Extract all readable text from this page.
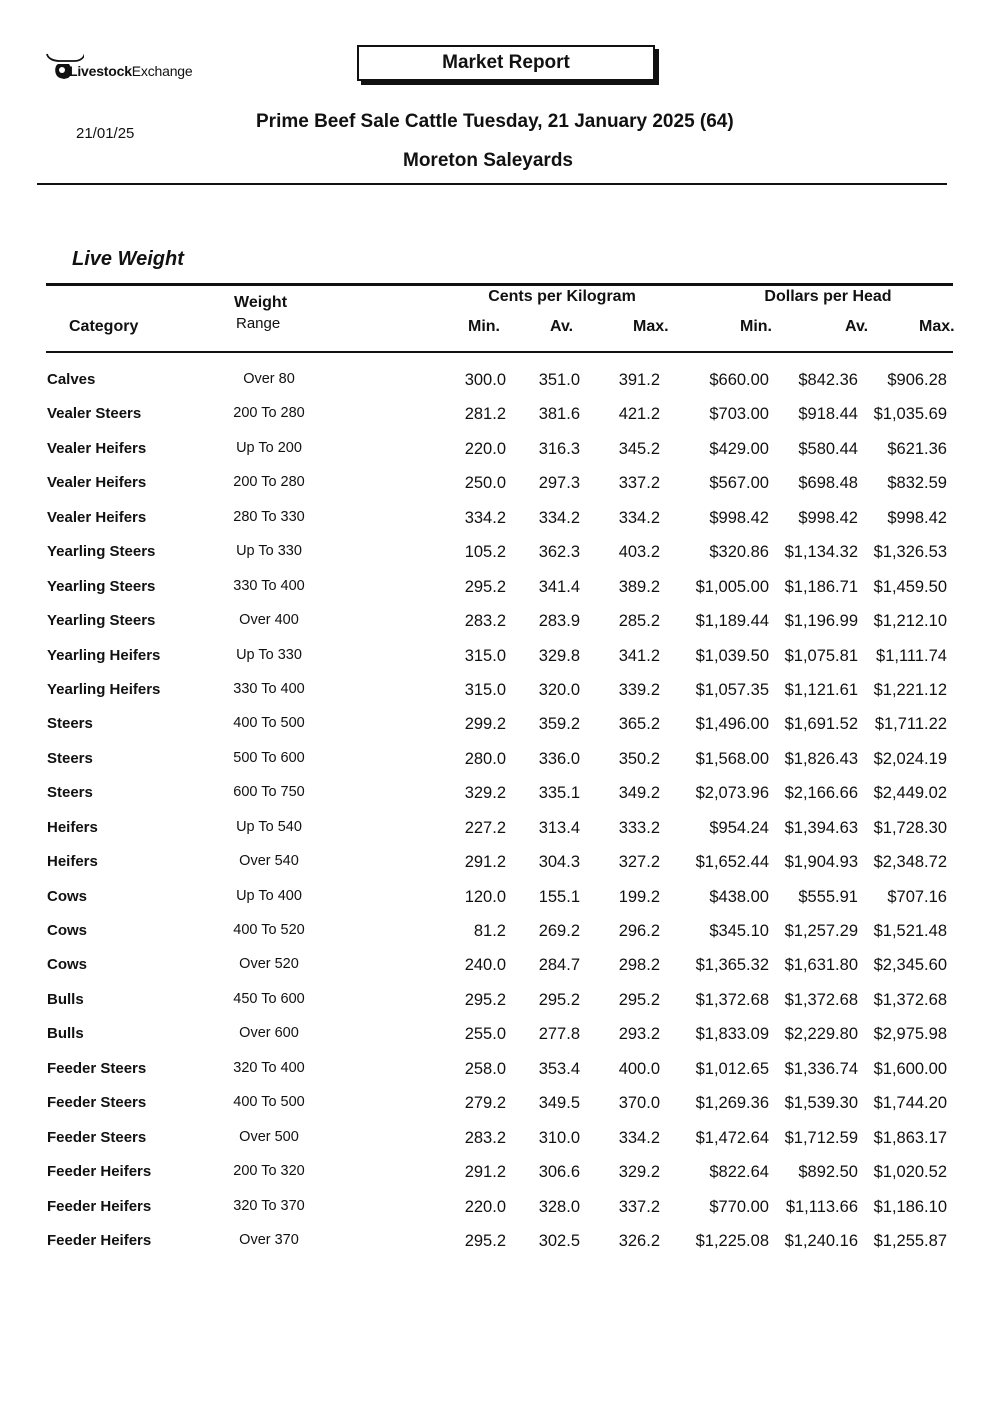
LivestockExchange	Market Report
21/01/25
Prime Beef Sale Cattle Tuesday, 21 January 2025 (64)
Moreton Saleyards
Live Weight
Category
Weight
Range
Cents per Kilogram	Dollars per Head
Min.	Av.	Max.	Min.	Av.	Max.
Calves	Over 80	300.0	351.0	391.2	$660.00	$842.36	$906.28
Vealer Steers	200 To 280	281.2	381.6	421.2	$703.00	$918.44 $1,035.69
Vealer Heifers	Up To 200	220.0	316.3	345.2	$429.00	$580.44	$621.36
Vealer Heifers	200 To 280	250.0	297.3	337.2	$567.00	$698.48	$832.59
Vealer Heifers	280 To 330	334.2	334.2	334.2	$998.42	$998.42	$998.42
Yearling Steers	Up To 330	105.2	362.3	403.2	$320.86 $1,134.32 $1,326.53
Yearling Steers	330 To 400	295.2	341.4	389.2	$1,005.00 $1,186.71 $1,459.50
Yearling Steers	Over 400	283.2	283.9	285.2	$1,189.44 $1,196.99 $1,212.10
Yearling Heifers	Up To 330	315.0	329.8	341.2	$1,039.50 $1,075.81	$1,111.74
Yearling Heifers	330 To 400	315.0	320.0	339.2	$1,057.35 $1,121.61 $1,221.12
Steers	400 To 500	299.2	359.2	365.2	$1,496.00 $1,691.52	$1,711.22
Steers	500 To 600	280.0	336.0	350.2	$1,568.00 $1,826.43 $2,024.19
Steers	600 To 750	329.2	335.1	349.2	$2,073.96 $2,166.66 $2,449.02
Heifers	Up To 540	227.2	313.4	333.2	$954.24 $1,394.63 $1,728.30
Heifers	Over 540	291.2	304.3	327.2	$1,652.44 $1,904.93 $2,348.72
Cows	Up To 400	120.0	155.1	199.2	$438.00	$555.91	$707.16
Cows	400 To 520	81.2	269.2	296.2	$345.10 $1,257.29 $1,521.48
Cows	Over 520	240.0	284.7	298.2	$1,365.32 $1,631.80 $2,345.60
Bulls	450 To 600	295.2	295.2	295.2	$1,372.68 $1,372.68 $1,372.68
Bulls	Over 600	255.0	277.8	293.2	$1,833.09 $2,229.80 $2,975.98
Feeder Steers	320 To 400	258.0	353.4	400.0	$1,012.65 $1,336.74 $1,600.00
Feeder Steers	400 To 500	279.2	349.5	370.0	$1,269.36 $1,539.30 $1,744.20
Feeder Steers	Over 500	283.2	310.0	334.2	$1,472.64 $1,712.59 $1,863.17
Feeder Heifers	200 To 320	291.2	306.6	329.2	$822.64	$892.50 $1,020.52
Feeder Heifers	320 To 370	220.0	328.0	337.2	$770.00	$1,113.66 $1,186.10
Feeder Heifers	Over 370	295.2	302.5	326.2	$1,225.08 $1,240.16 $1,255.87
